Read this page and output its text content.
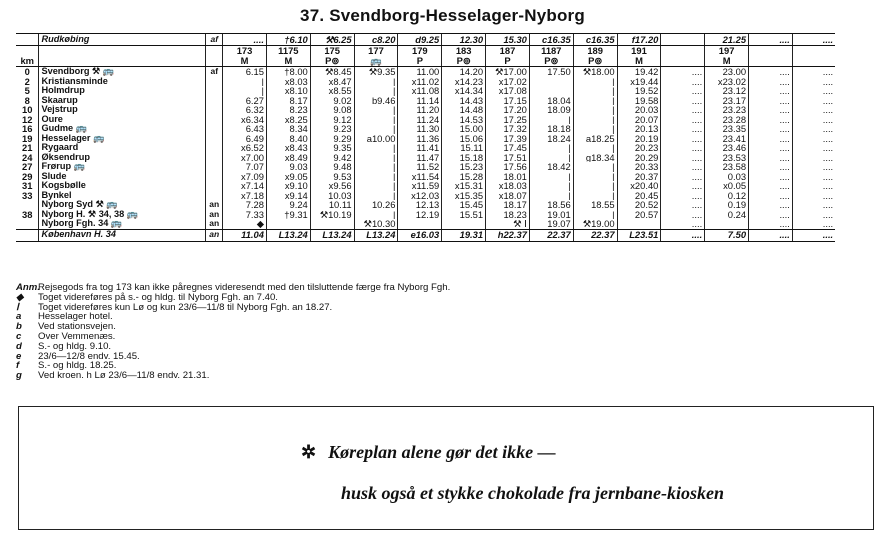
37. Svendborg-Hesselager-Nyborg
	Rudkøbing	af	....	†6.10	⚒6.25	c8.20	d9.25	12.30	15.30	c16.35	c16.35	f17.20		21.25	....	....
			173	1175	175	177	179	183	187	1187	189	191		197		
km			M	M	P⊚	🚌	P	P⊚	P	P⊚	P⊚	M		M		
0	Svendborg ⚒ 🚌	af	6.15	†8.00	⚒8.45	⚒9.35	11.00	14.20	⚒17.00	17.50	⚒18.00	19.42	....	23.00	....	....
2	Kristiansminde		|	x8.03	x8.47	|	x11.02	x14.23	x17.02		|	x19.44	....	x23.02	....	....
5	Holmdrup		|	x8.10	x8.55	|	x11.08	x14.34	x17.08		|	19.52	....	23.12	....	....
8	Skaarup		6.27	8.17	9.02	b9.46	11.14	14.43	17.15	18.04	|	19.58	....	23.17	....	....
10	Vejstrup		6.32	8.23	9.08	|	11.20	14.48	17.20	18.09	|	20.03	....	23.23	....	....
12	Oure		x6.34	x8.25	9.12	|	11.24	14.53	17.25	|	|	20.07	....	23.28	....	....
16	Gudme 🚌		6.43	8.34	9.23	|	11.30	15.00	17.32	18.18	|	20.13	....	23.35	....	....
19	Hesselager 🚌		6.49	8.40	9.29	a10.00	11.36	15.06	17.39	18.24	a18.25	20.19	....	23.41	....	....
21	Rygaard		x6.52	x8.43	9.35	|	11.41	15.11	17.45	|	|	20.23	....	23.46	....	....
24	Øksendrup		x7.00	x8.49	9.42	|	11.47	15.18	17.51	|	g18.34	20.29	....	23.53	....	....
27	Frørup 🚌		7.07	9.03	9.48	|	11.52	15.23	17.56	18.42	|	20.33	....	23.58	....	....
29	Slude		x7.09	x9.05	9.53	|	x11.54	15.28	18.01	|	|	20.37	....	0.03	....	....
31	Kogsbølle		x7.14	x9.10	x9.56	|	x11.59	x15.31	x18.03	|	|	x20.40	....	x0.05	....	....
33	Bynkel		x7.18	x9.14	10.03	|	x12.03	x15.35	x18.07	|	|	20.45	....	0.12	....	....
	Nyborg Syd ⚒ 🚌	an	7.28	9.24	10.11	10.26	12.13	15.45	18.17	18.56	18.55	20.52	....	0.19	....	....
38	Nyborg H. ⚒ 34, 38 🚌	an	7.33	†9.31	⚒10.19	|	12.19	15.51	18.23	19.01	|	20.57	....	0.24	....	....
	Nyborg Fgh. 34 🚌	an	◆			⚒10.30			⚒ Ⅰ	19.07	⚒19.00		....		....	....
	København H. 34	an	11.04	L13.24	L13.24	L13.24	e16.03	19.31	h22.37	22.37	22.37	L23.51	....	7.50	....	....
Anm.
Rejsegods fra tog 173 kan ikke påregnes videresendt med den tilsluttende færge fra Nyborg Fgh.
◆	Toget videreføres på s.- og hldg. til Nyborg Fgh. an 7.40.
Ⅰ	Toget videreføres kun Lø og kun 23/6—11/8 til Nyborg Fgh. an 18.27.
a	Hesselager hotel.
b	Ved stationsvejen.
c	Over Vemmenæs.
d	S.- og hldg. 9.10.
e	23/6—12/8 endv. 15.45.
f	S.- og hldg. 18.25.
g	Ved kroen. h Lø 23/6—11/8 endv. 21.31.
✲ Køreplan alene gør det ikke —
husk også et stykke chokolade fra jernbane-kiosken
